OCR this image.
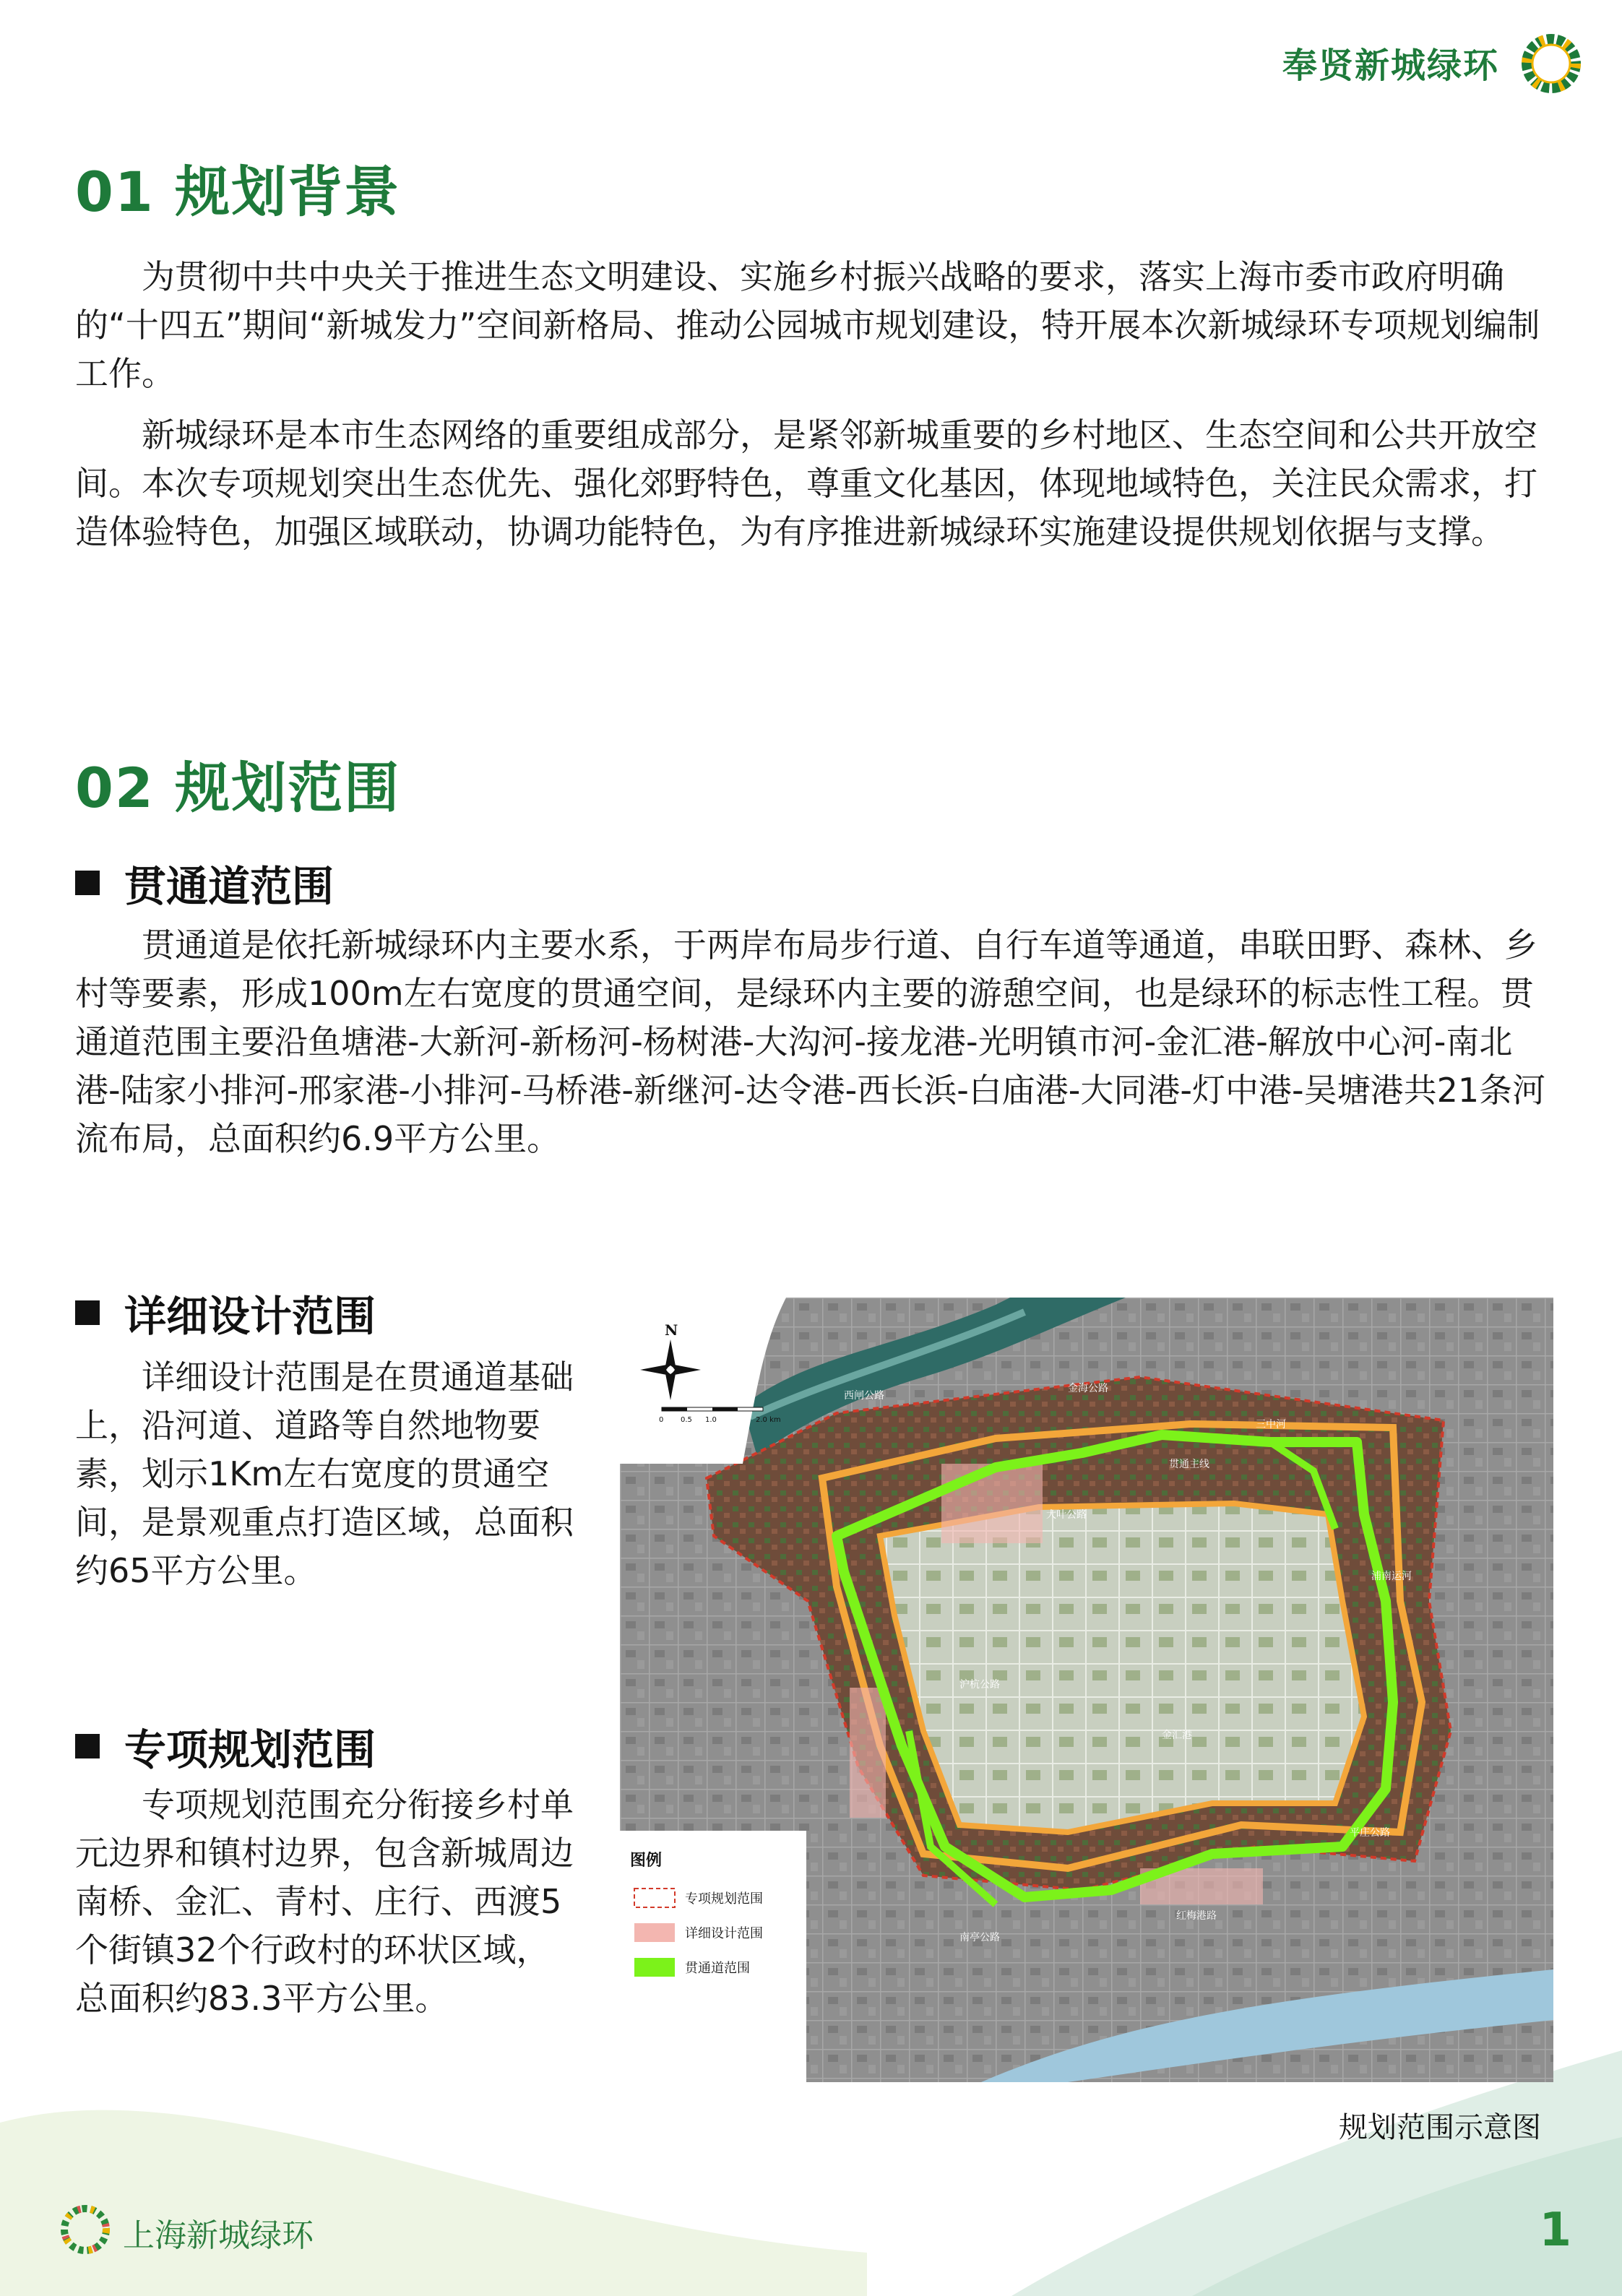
奉贤新城绿环
01 规划背景

为贯彻中共中央关于推进生态文明建设、实施乡村振兴战略的要求，落实上海市委市政府明确的“十四五”期间“新城发力”空间新格局、推动公园城市规划建设，特开展本次新城绿环专项规划编制工作。

新城绿环是本市生态网络的重要组成部分，是紧邻新城重要的乡村地区、生态空间和公共开放空间。本次专项规划突出生态优先、强化郊野特色，尊重文化基因，体现地域特色，关注民众需求，打造体验特色，加强区域联动，协调功能特色，为有序推进新城绿环实施建设提供规划依据与支撑。

02 规划范围
贯通道范围

贯通道是依托新城绿环内主要水系，于两岸布局步行道、自行车道等通道，串联田野、森林、乡村等要素，形成100m左右宽度的贯通空间，是绿环内主要的游憩空间，也是绿环的标志性工程。贯通道范围主要沿鱼塘港-大新河-新杨河-杨树港-大沟河-接龙港-光明镇市河-金汇港-解放中心河-南北港-陆家小排河-邢家港-小排河-马桥港-新继河-达令港-西长浜-白庙港-大同港-灯中港-吴塘港共21条河流布局，总面积约6.9平方公里。

详细设计范围

详细设计范围是在贯通道基础上，沿河道、道路等自然地物要素，划示1Km左右宽度的贯通空间，是景观重点打造区域，总面积约65平方公里。

专项规划范围

专项规划范围充分衔接乡村单元边界和镇村边界，包含新城周边南桥、金汇、青村、庄行、西渡5个街镇32个行政村的环状区域，总面积约83.3平方公里。

西闸公路
金海公路
贯通主线
三中河
大叶公路
浦南运河
平庄公路
沪杭公路
红梅港路
金汇港
南亭公路
N
0 0.5 1.0	2.0 km
图例
专项规划范围
详细设计范围
贯通道范围
规划范围示意图
上海新城绿环	1
